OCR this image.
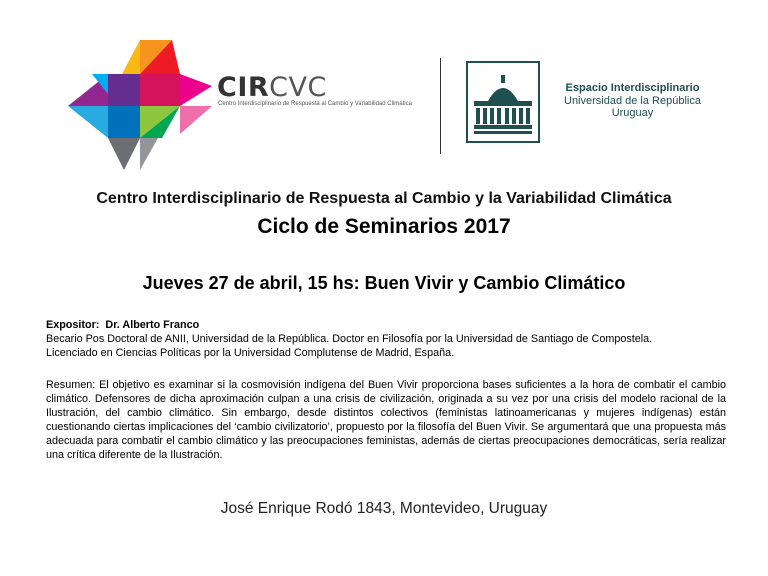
CIRCVC
Centro Interdisciplinario de Respuesta al Cambio y Variabilidad Climática
Espacio Interdisciplinario
Universidad de la República
Uruguay
Centro Interdisciplinario de Respuesta al Cambio y la Variabilidad Climática
Ciclo de Seminarios 2017
Jueves 27 de abril, 15 hs: Buen Vivir y Cambio Climático
Expositor: Dr. Alberto Franco
Becario Pos Doctoral de ANII, Universidad de la República. Doctor en Filosofía por la Universidad de Santiago de Compostela.
Licenciado en Ciencias Políticas por la Universidad Complutense de Madrid, España.
Resumen: El objetivo es examinar si la cosmovisión indígena del Buen Vivir proporciona bases suficientes a la hora de combatir el cambio climático. Defensores de dicha aproximación culpan a una crisis de civilización, originada a su vez por una crisis del modelo racional de la Ilustración, del cambio climático. Sin embargo, desde distintos colectivos (feministas latinoamericanas y mujeres indígenas) están cuestionando ciertas implicaciones del ‘cambio civilizatorio’, propuesto por la filosofía del Buen Vivir. Se argumentará que una propuesta más adecuada para combatir el cambio climático y las preocupaciones feministas, además de ciertas preocupaciones democráticas, sería realizar una crítica diferente de la Ilustración.
José Enrique Rodó 1843, Montevideo, Uruguay
